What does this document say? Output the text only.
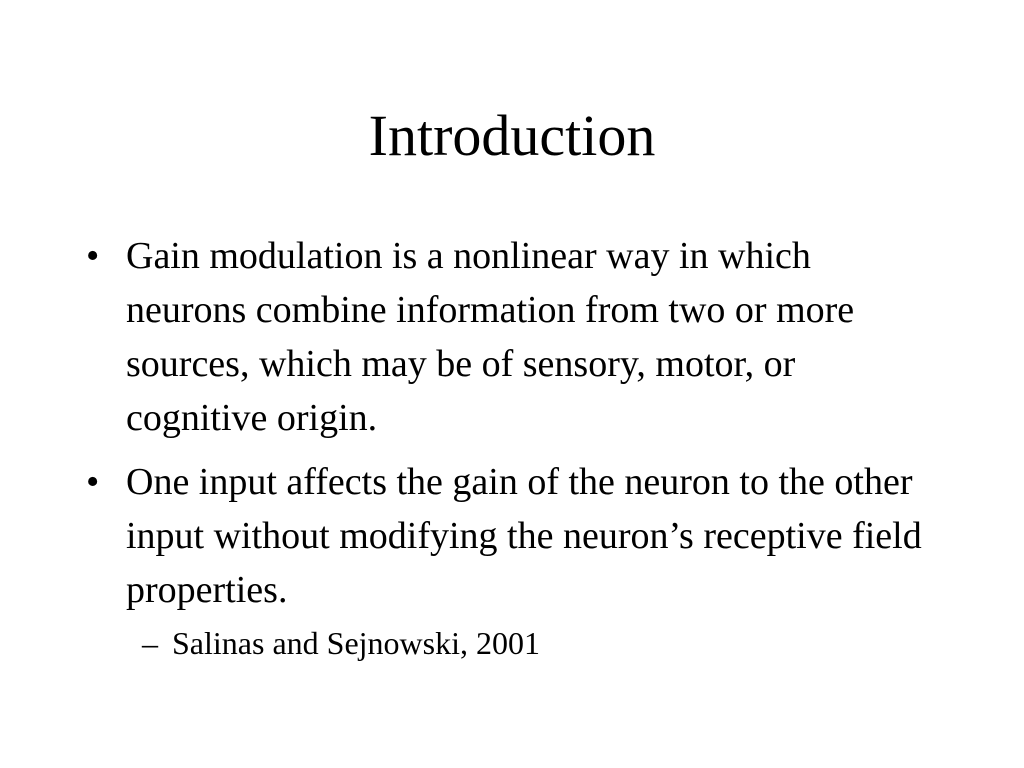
Introduction
• Gain modulation is a nonlinear way in which neurons combine information from two or more sources, which may be of sensory, motor, or cognitive origin.
• One input affects the gain of the neuron to the other input without modifying the neuron’s receptive field properties.
– Salinas and Sejnowski, 2001
